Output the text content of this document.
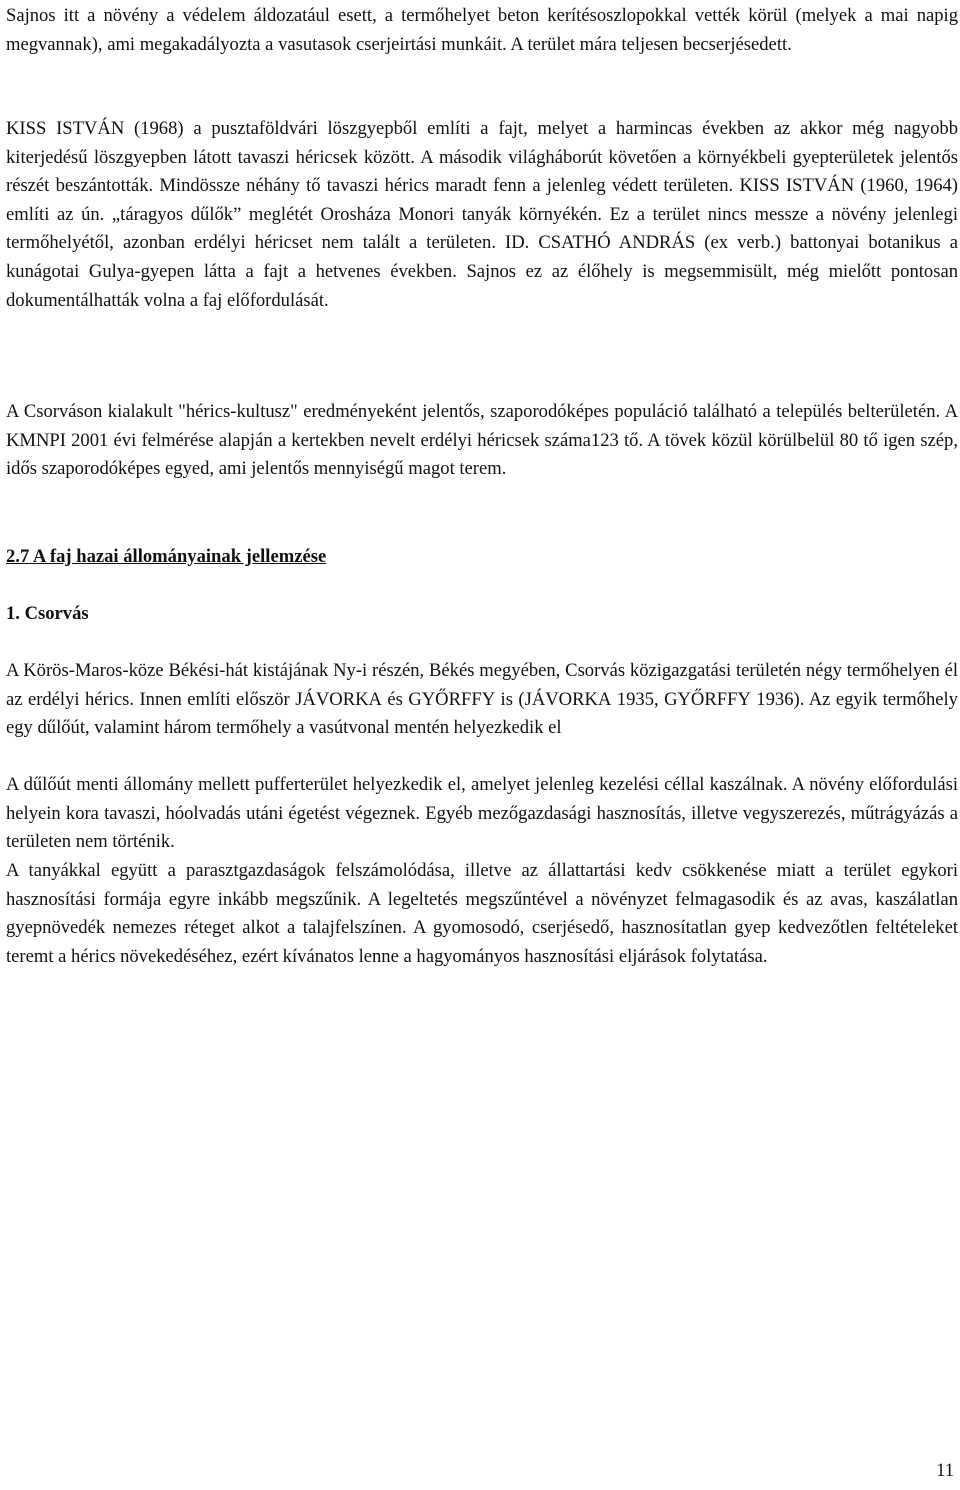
Sajnos itt a növény a védelem áldozatául esett, a termőhelyet beton kerítésoszlopokkal vették körül (melyek a mai napig megvannak), ami megakadályozta a vasutasok cserjeirtási munkáit. A terület mára teljesen becserjésedett.

KISS ISTVÁN (1968) a pusztaföldvári löszgyepből említi a fajt, melyet a harmincas években az akkor még nagyobb kiterjedésű löszgyepben látott tavaszi héricsek között. A második világháborút követően a környékbeli gyepterületek jelentős részét beszántották. Mindössze néhány tő tavaszi hérics maradt fenn a jelenleg védett területen. KISS ISTVÁN (1960, 1964) említi az ún. „táragyos dűlők” meglétét Orosháza Monori tanyák környékén. Ez a terület nincs messze a növény jelenlegi termőhelyétől, azonban erdélyi héricset nem talált a területen. ID. CSATHÓ ANDRÁS (ex verb.) battonyai botanikus a kunágotai Gulya-gyepen látta a fajt a hetvenes években. Sajnos ez az élőhely is megsemmisült, még mielőtt pontosan dokumentálhatták volna a faj előfordulását.

A Csorváson kialakult "hérics-kultusz" eredményeként jelentős, szaporodóképes populáció található a település belterületén. A KMNPI 2001 évi felmérése alapján a kertekben nevelt erdélyi héricsek száma123 tő. A tövek közül körülbelül 80 tő igen szép, idős szaporodóképes egyed, ami jelentős mennyiségű magot terem.

2.7 A faj hazai állományainak jellemzése

1. Csorvás

A Körös-Maros-köze Békési-hát kistájának Ny-i részén, Békés megyében, Csorvás közigazgatási területén négy termőhelyen él az erdélyi hérics. Innen említi először JÁVORKA és GYŐRFFY is (JÁVORKA 1935, GYŐRFFY 1936). Az egyik termőhely egy dűlőút, valamint három termőhely a vasútvonal mentén helyezkedik el

A dűlőút menti állomány mellett pufferterület helyezkedik el, amelyet jelenleg kezelési céllal kaszálnak. A növény előfordulási helyein kora tavaszi, hóolvadás utáni égetést végeznek. Egyéb mezőgazdasági hasznosítás, illetve vegyszerezés, műtrágyázás a területen nem történik.

A tanyákkal együtt a parasztgazdaságok felszámolódása, illetve az állattartási kedv csökkenése miatt a terület egykori hasznosítási formája egyre inkább megszűnik. A legeltetés megszűntével a növényzet felmagasodik és az avas, kaszálatlan gyepnövedék nemezes réteget alkot a talajfelszínen. A gyomosodó, cserjésedő, hasznosítatlan gyep kedvezőtlen feltételeket teremt a hérics növekedéséhez, ezért kívánatos lenne a hagyományos hasznosítási eljárások folytatása.

11
